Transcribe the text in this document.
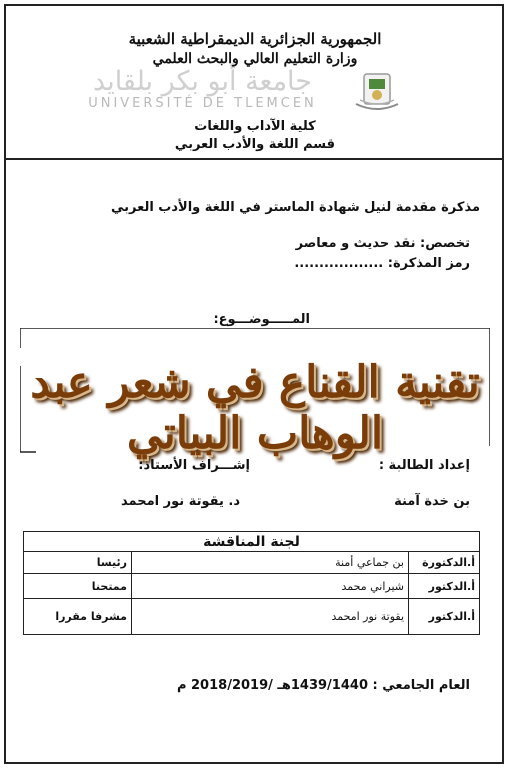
الجمهورية الجزائرية الديمقراطية الشعبية
وزارة التعليم العالي والبحث العلمي
جامعة أبو بكر بلقايد
UNIVERSITÉ DE TLEMCEN
كلية الآداب واللغات
قسم اللغة والأدب العربي
مذكرة مقدمة لنيل شهادة الماستر في اللغة والأدب العربي
تخصص: نقد حديث و معاصر
رمز المذكرة: ..................
المـــــوضـــوع:
تقنية القناع في شعر عبد الوهاب البياتي
إعداد الطالبة :
إشـــراف الأستاذ:
بن خدة آمنة
د. يقوتة نور امحمد
لجنة المناقشة		
أ.الدكتورة	بن جماعي أمنة	رئيسا
أ.الدكتور	شيراني محمد	ممتحنا
أ.الدكتور	يقوتة نور امحمد	مشرفا مقررا
العام الجامعي : 1439/1440هـ /2018/2019 م
